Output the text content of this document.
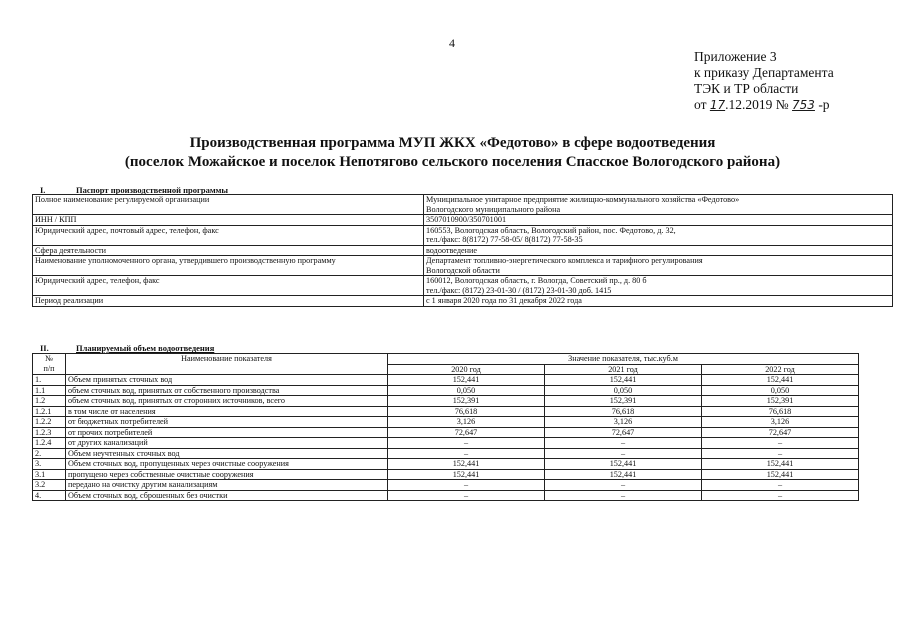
4
Приложение 3
к приказу Департамента
ТЭК и ТР области
от 17.12.2019 № 753 -р
Производственная программа МУП ЖКХ «Федотово» в сфере водоотведения
(поселок Можайское и поселок Непотягово сельского поселения Спасское Вологодского района)
I.	Паспорт производственной программы
Полное наименование регулируемой организации	Муниципальное унитарное предприятие жилищно-коммунального хозяйства «Федотово»
Вологодского муниципального района

ИНН / КПП	3507010900/350701001

Юридический адрес, почтовый адрес, телефон, факс	160553, Вологодская область, Вологодский район, пос. Федотово, д. 32,
тел./факс: 8(8172) 77-58-05/ 8(8172) 77-58-35

Сфера деятельности	водоотведение

Наименование уполномоченного органа, утвердившего производственную программу	Департамент топливно-энергетического комплекса и тарифного регулирования
Вологодской области

Юридический адрес, телефон, факс	160012, Вологодская область, г. Вологда, Советский пр., д. 80 б
тел./факс: (8172) 23-01-30 / (8172) 23-01-30 доб. 1415

Период реализации	с 1 января 2020 года по 31 декабря 2022 года
II.	Планируемый объем водоотведения
№
п/п	Наименование показателя	Значение показателя, тыс.куб.м		
		2020 год	2021 год	2022 год
1.	Объем принятых сточных вод	152,441	152,441	152,441
1.1	объем сточных вод, принятых от собственного производства	0,050	0,050	0,050
1.2	объем сточных вод, принятых от сторонних источников, всего	152,391	152,391	152,391
1.2.1	в том числе от населения	76,618	76,618	76,618
1.2.2	от бюджетных потребителей	3,126	3,126	3,126
1.2.3	от прочих потребителей	72,647	72,647	72,647
1.2.4	от других канализаций	–	–	–
2.	Объем неучтенных сточных вод	–	–	–
3.	Объем сточных вод, пропущенных через очистные сооружения	152,441	152,441	152,441
3.1	пропущено через собственные очистные сооружения	152,441	152,441	152,441
3.2	передано на очистку другим канализациям	–	–	–
4.	Объем сточных вод, сброшенных без очистки	–	–	–
